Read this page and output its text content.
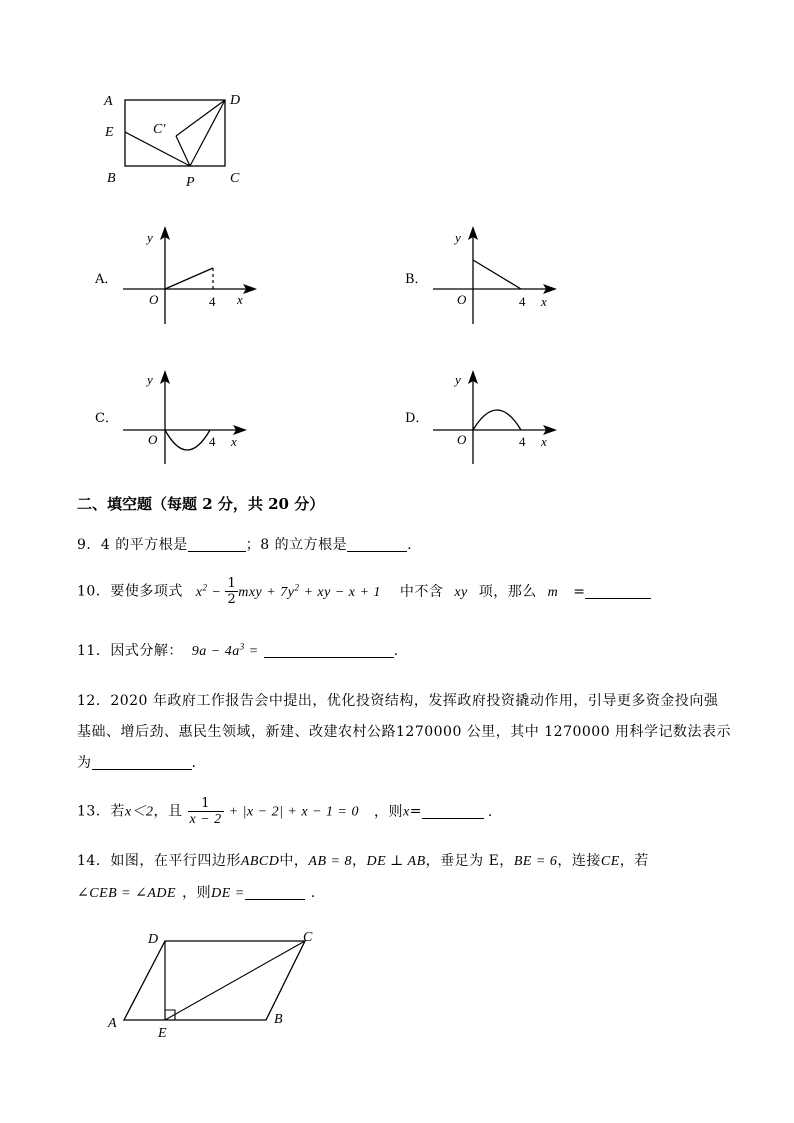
A	D
E	C′
B	P	C
A．
y
O	4 x
B．
y
O	4 x
C．
y
O	4 x
D．
y
O	4 x
二、填空题（每题 2 分，共 20 分）
9．4 的平方根是	；8 的立方根是	.
10．要使多项式 $x^2 - \frac{1}{2}$ mxy + $7y^2$ + xy − x + 1 中不含 xy 项，那么 m =
11．因式分解： $9a - 4a^3$ =	.
12．2020 年政府工作报告会中提出，优化投资结构，发挥政府投资撬动作用，引导更多资金投向强
基础、增后劲、惠民生领域，新建、改建农村公路1270000 公里，其中 1270000 用科学记数法表示
为	.
13．若x＜2，且 $\frac{1}{x - 2} + |x - 2| + x - 1 = 0$ ，则x=	.
14．如图，在平行四边形ABCD中，AB = 8，DE ⊥ AB，垂足为 E，BE = 6，连接CE，若
∠CEB = ∠ADE ，则DE =	.
D	C
A
E
B
